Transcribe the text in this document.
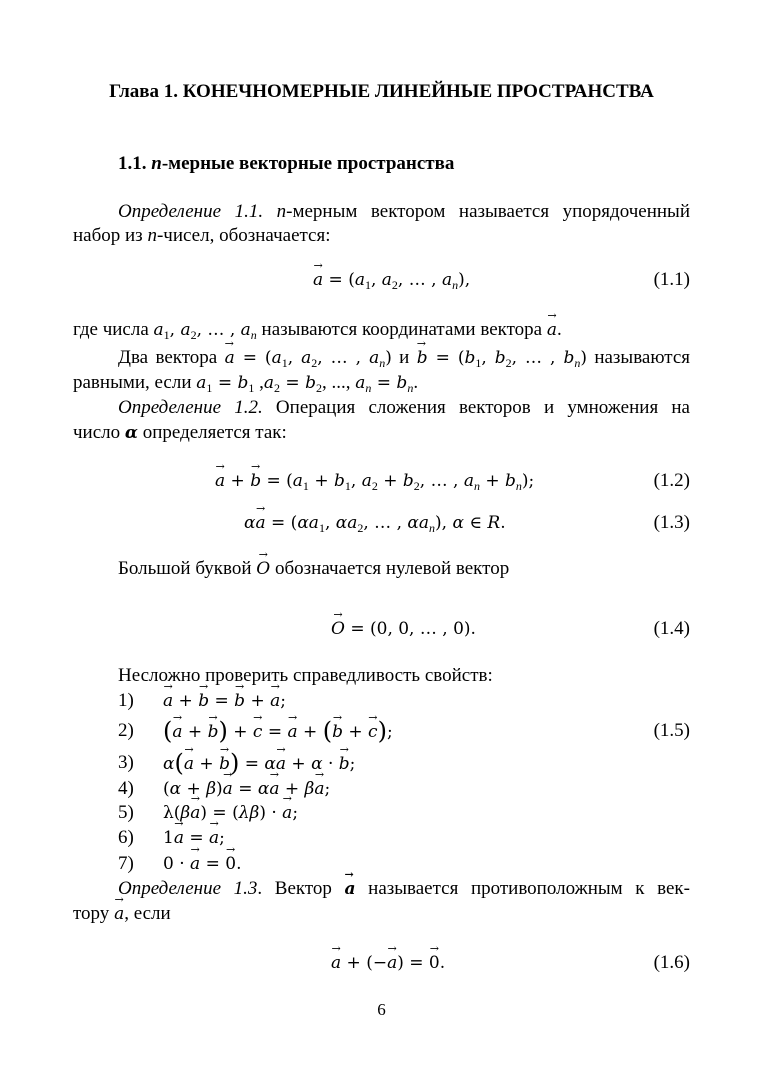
Глава 1. КОНЕЧНОМЕРНЫЕ ЛИНЕЙНЫЕ ПРОСТРАНСТВА
1.1. n-мерные векторные пространства
Определение 1.1. n-мерным вектором называется упорядоченный
набор из n-чисел, обозначается:
a → = ($a_1$, $a_2$, … , $a_n$),	(1.1)
где числа $a_1$, $a_2$, … , $a_n$ называются координатами вектора a →.
Два вектора a → = ($a_1$, $a_2$, … , $a_n$) и b → = ($b_1$, $b_2$, … , $b_n$) называются
равными, если $a_1 = b_1$ $,a_2 = b_2$, ..., $a_n = b_n$.
Определение 1.2. Операция сложения векторов и умножения на
число α определяется так:
a → + b → = ($a_1 + b_1$, $a_2 + b_2$, … , $a_n + b_n$);	(1.2)
αa → = ($\alpha a_1$, $\alpha a_2$, … , $\alpha a_n$), α ∈ R.	(1.3)
Большой буквой O → обозначается нулевой вектор
O → = (0, 0, … , 0).	(1.4)
Несложно проверить справедливость свойств:
1) a → + b → = b → + a →;
2) (a → + b →) + c → = a → + (b → + c →);	(1.5)
3) α(a → + b →) = αa → + α · b →;
4) (α + β)a → = αa → + βa →;
5) λ(βa →) = (λβ) · a →;
6) 1a → = a →;
7) 0 · a → = 0 →.
Определение 1.3. Вектор a → называется противоположным к век-
тору a →, если
a → + (−a →) = 0 →.	(1.6)
6
